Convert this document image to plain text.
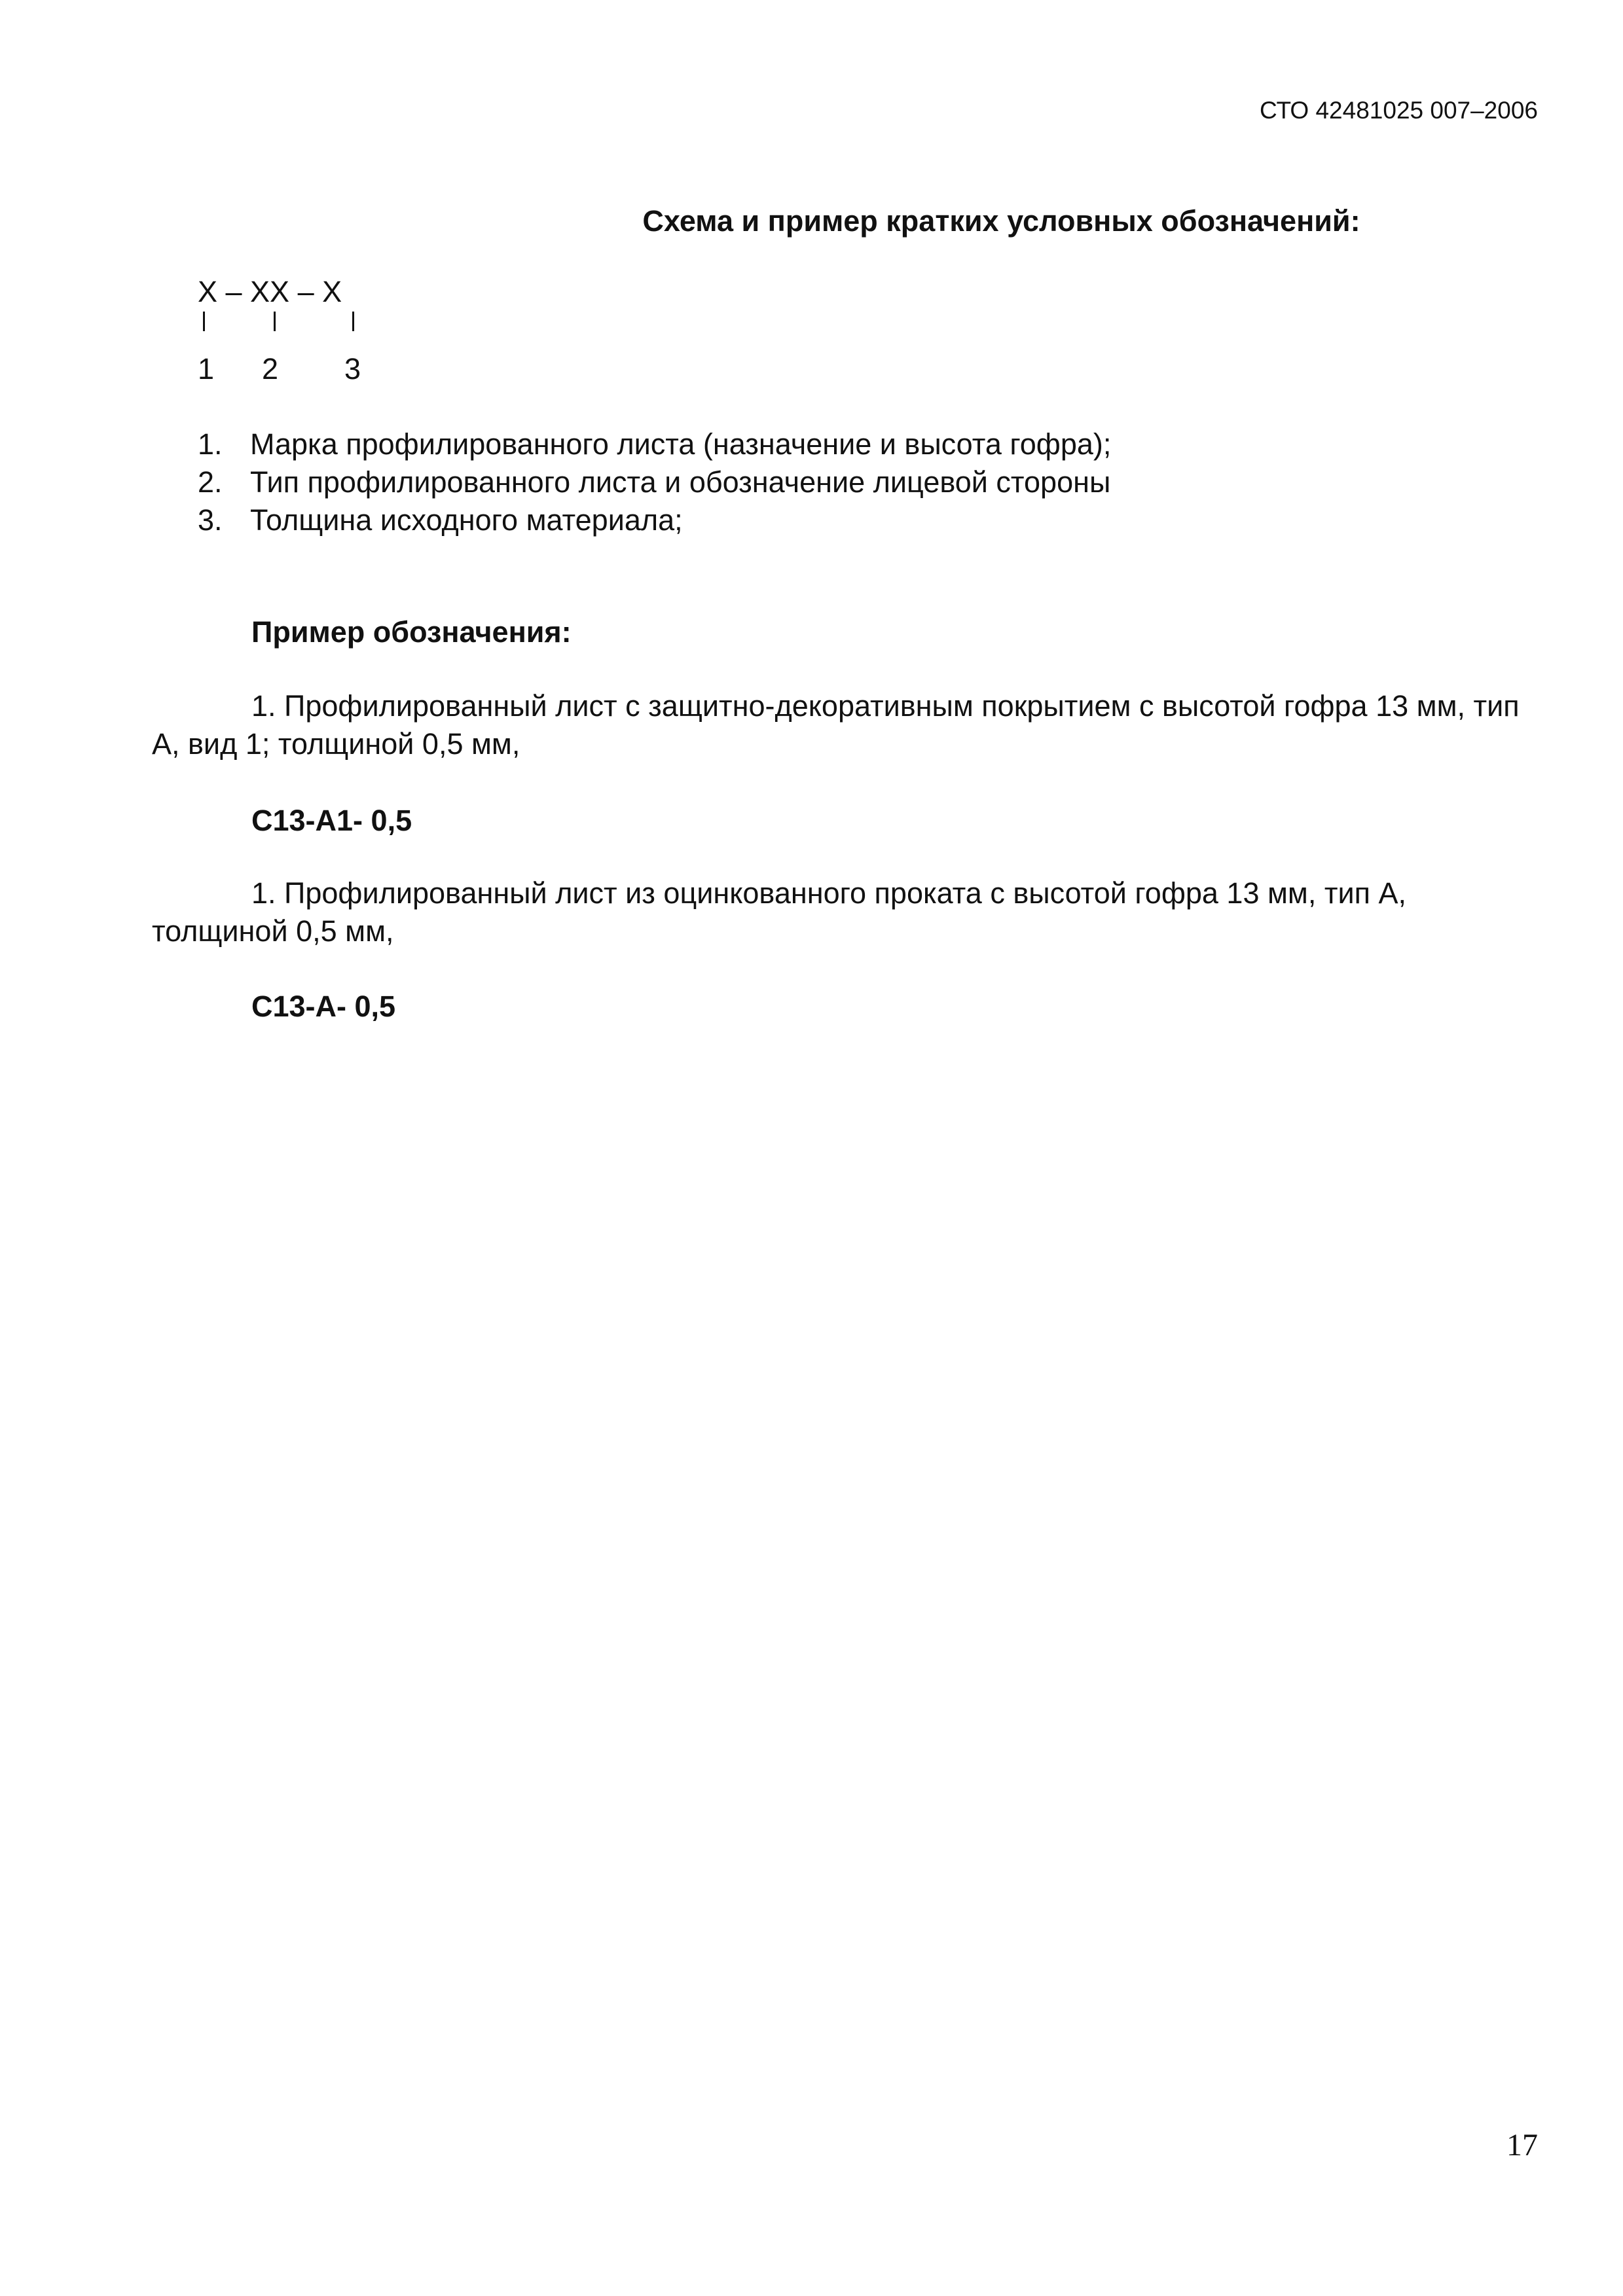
СТО 42481025 007–2006
Схема и пример кратких условных обозначений:
X – XX – X
1 2 3
1. Марка профилированного листа (назначение и высота гофра);
2. Тип профилированного листа и обозначение лицевой стороны
3. Толщина исходного материала;
Пример обозначения:
1. Профилированный лист с защитно-декоративным покрытием с высотой гофра 13 мм, тип А, вид 1; толщиной 0,5 мм,
С13-А1- 0,5
1. Профилированный лист из оцинкованного проката с высотой гофра 13 мм, тип А, толщиной 0,5 мм,
С13-А- 0,5
17
